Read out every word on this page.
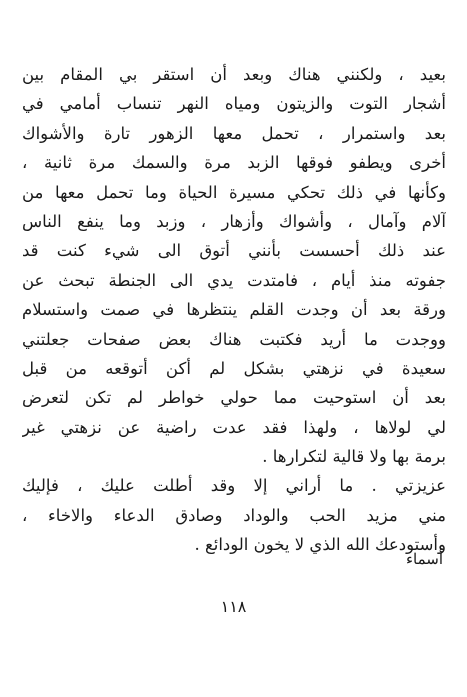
بعيد ، ولكنني هناك وبعد أن استقر بي المقام بين
أشجار التوت والزيتون ومياه النهر تنساب أمامي في
بعد واستمرار ، تحمل معها الزهور تارة والأشواك
أخرى ويطفو فوقها الزبد مرة والسمك مرة ثانية ،
وكأنها في ذلك تحكي مسيرة الحياة وما تحمل معها من
آلام وآمال ، وأشواك وأزهار ، وزبد وما ينفع الناس
عند ذلك أحسست بأنني أتوق الى شيء كنت قد
جفوته منذ أيام ، فامتدت يدي الى الجنطة تبحث عن
ورقة بعد أن وجدت القلم ينتظرها في صمت واستسلام
ووجدت ما أريد فكتبت هناك بعض صفحات جعلتني
سعيدة في نزهتي بشكل لم أكن أتوقعه من قبل
بعد أن استوحيت مما حولي خواطر لم تكن لتعرض
لي لولاها ، ولهذا فقد عدت راضية عن نزهتي غير
برمة بها ولا قالية لتكرارها .
عزيزتي . ما أراني إلا وقد أطلت عليك ، فإليك
مني مزيد الحب والوداد وصادق الدعاء والاخاء ،
وأستودعك الله الذي لا يخون الودائع .
أسماء
١١٨
